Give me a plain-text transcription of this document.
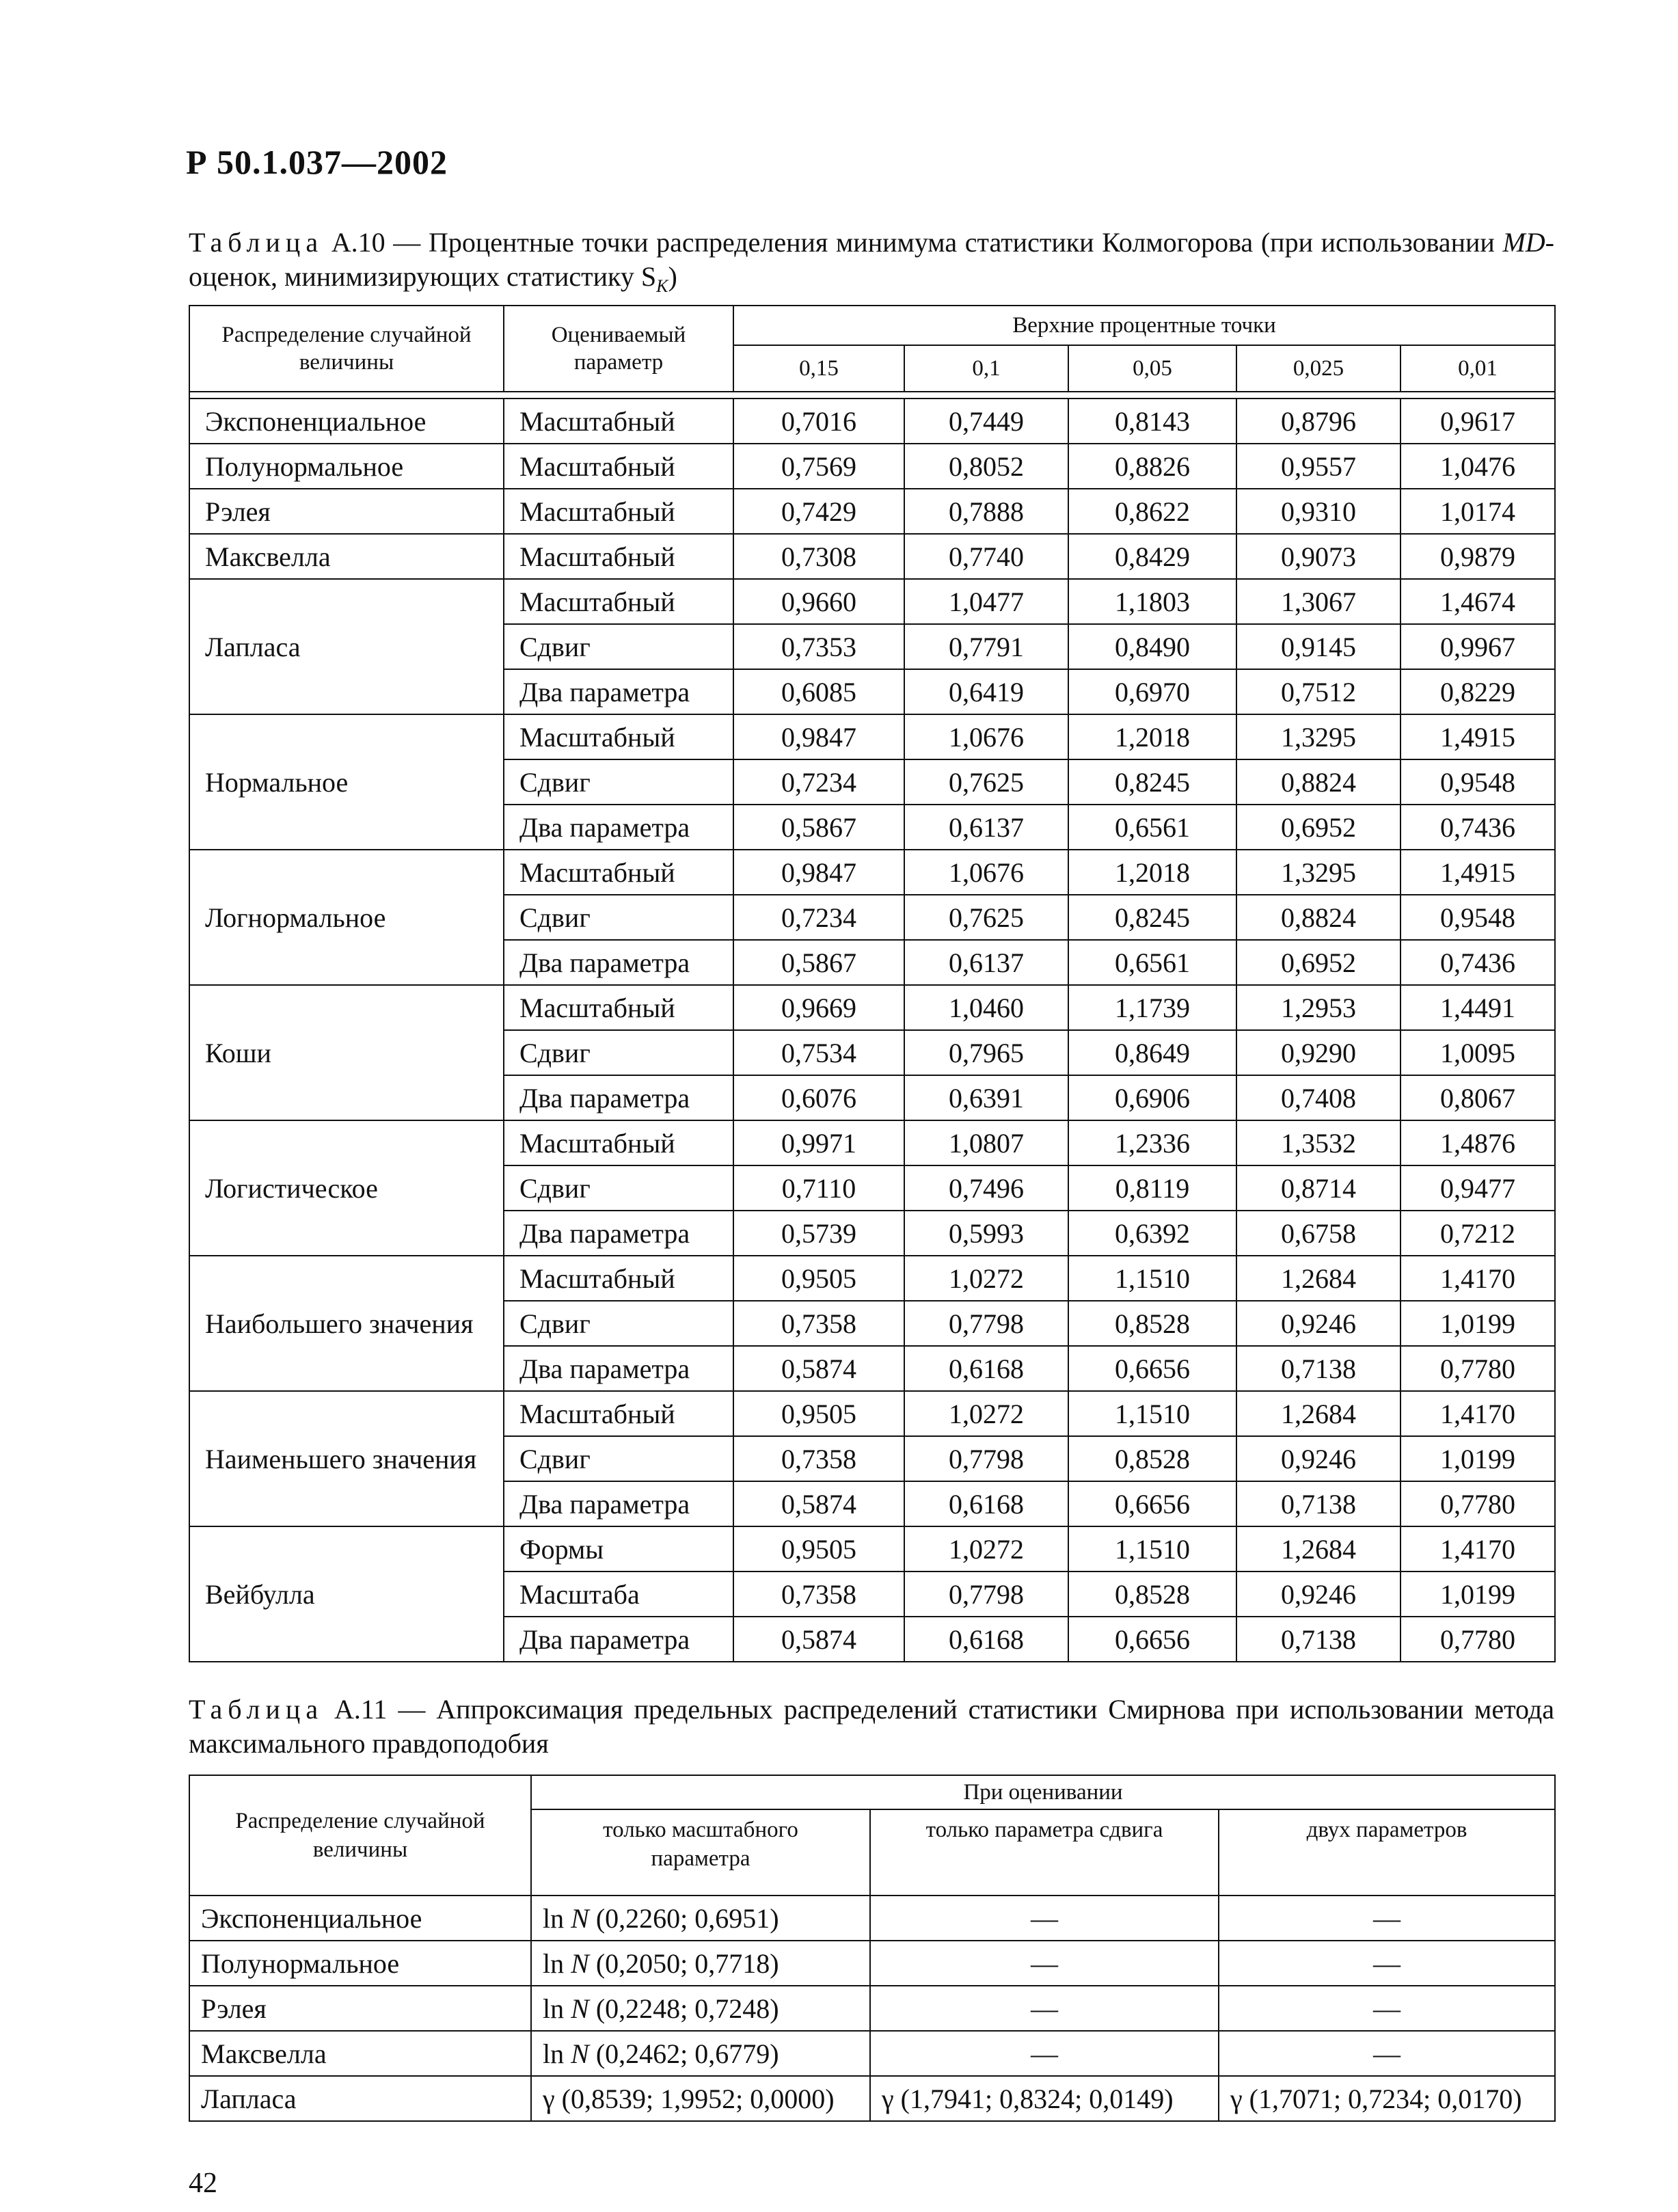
Р 50.1.037—2002
Таблица А.10 — Процентные точки распределения минимума статистики Колмогорова (при использовании MD-оценок, минимизирующих статистику $S_K$)
Распределение случайной величины	Оцениваемый параметр	Верхние процентные точки				
		0,15	0,1	0,05	0,025	0,01

Экспоненциальное	Масштабный	0,7016	0,7449	0,8143	0,8796	0,9617
Полунормальное	Масштабный	0,7569	0,8052	0,8826	0,9557	1,0476
Рэлея	Масштабный	0,7429	0,7888	0,8622	0,9310	1,0174
Максвелла	Масштабный	0,7308	0,7740	0,8429	0,9073	0,9879
Лапласа	Масштабный	0,9660	1,0477	1,1803	1,3067	1,4674
	Сдвиг	0,7353	0,7791	0,8490	0,9145	0,9967
	Два параметра	0,6085	0,6419	0,6970	0,7512	0,8229
Нормальное	Масштабный	0,9847	1,0676	1,2018	1,3295	1,4915
	Сдвиг	0,7234	0,7625	0,8245	0,8824	0,9548
	Два параметра	0,5867	0,6137	0,6561	0,6952	0,7436
Логнормальное	Масштабный	0,9847	1,0676	1,2018	1,3295	1,4915
	Сдвиг	0,7234	0,7625	0,8245	0,8824	0,9548
	Два параметра	0,5867	0,6137	0,6561	0,6952	0,7436
Коши	Масштабный	0,9669	1,0460	1,1739	1,2953	1,4491
	Сдвиг	0,7534	0,7965	0,8649	0,9290	1,0095
	Два параметра	0,6076	0,6391	0,6906	0,7408	0,8067
Логистическое	Масштабный	0,9971	1,0807	1,2336	1,3532	1,4876
	Сдвиг	0,7110	0,7496	0,8119	0,8714	0,9477
	Два параметра	0,5739	0,5993	0,6392	0,6758	0,7212
Наибольшего значения	Масштабный	0,9505	1,0272	1,1510	1,2684	1,4170
	Сдвиг	0,7358	0,7798	0,8528	0,9246	1,0199
	Два параметра	0,5874	0,6168	0,6656	0,7138	0,7780
Наименьшего значения	Масштабный	0,9505	1,0272	1,1510	1,2684	1,4170
	Сдвиг	0,7358	0,7798	0,8528	0,9246	1,0199
	Два параметра	0,5874	0,6168	0,6656	0,7138	0,7780
Вейбулла	Формы	0,9505	1,0272	1,1510	1,2684	1,4170
	Масштаба	0,7358	0,7798	0,8528	0,9246	1,0199
	Два параметра	0,5874	0,6168	0,6656	0,7138	0,7780
Таблица А.11 — Аппроксимация предельных распределений статистики Смирнова при использовании метода максимального правдоподобия
Распределение случайной величины	При оценивании		
	только масштабного параметра	только параметра сдвига	двух параметров
Экспоненциальное	ln N (0,2260; 0,6951)	—	—
Полунормальное	ln N (0,2050; 0,7718)	—	—
Рэлея	ln N (0,2248; 0,7248)	—	—
Максвелла	ln N (0,2462; 0,6779)	—	—
Лапласа	γ (0,8539; 1,9952; 0,0000)	γ (1,7941; 0,8324; 0,0149)	γ (1,7071; 0,7234; 0,0170)
42
